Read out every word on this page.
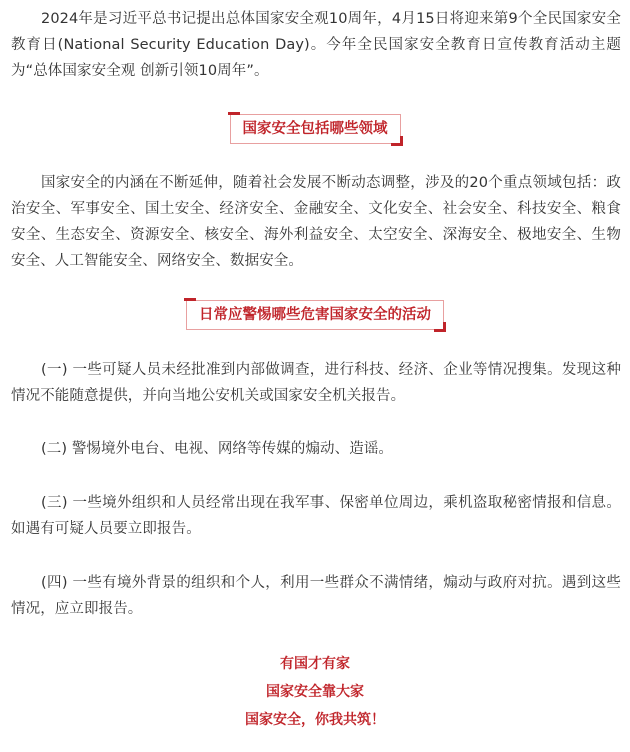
2024年是习近平总书记提出总体国家安全观10周年，4月15日将迎来第9个全民国家安全教育日(National Security Education Day)。今年全民国家安全教育日宣传教育活动主题为“总体国家安全观 创新引领10周年”。

国家安全包括哪些领域

国家安全的内涵在不断延伸，随着社会发展不断动态调整，涉及的20个重点领域包括：政治安全、军事安全、国土安全、经济安全、金融安全、文化安全、社会安全、科技安全、粮食安全、生态安全、资源安全、核安全、海外利益安全、太空安全、深海安全、极地安全、生物安全、人工智能安全、网络安全、数据安全。

日常应警惕哪些危害国家安全的活动

(一) 一些可疑人员未经批准到内部做调查，进行科技、经济、企业等情况搜集。发现这种情况不能随意提供，并向当地公安机关或国家安全机关报告。

(二) 警惕境外电台、电视、网络等传媒的煽动、造谣。

(三) 一些境外组织和人员经常出现在我军事、保密单位周边，乘机盗取秘密情报和信息。如遇有可疑人员要立即报告。

(四) 一些有境外背景的组织和个人，利用一些群众不满情绪，煽动与政府对抗。遇到这些情况，应立即报告。

有国才有家
国家安全靠大家
国家安全，你我共筑！
